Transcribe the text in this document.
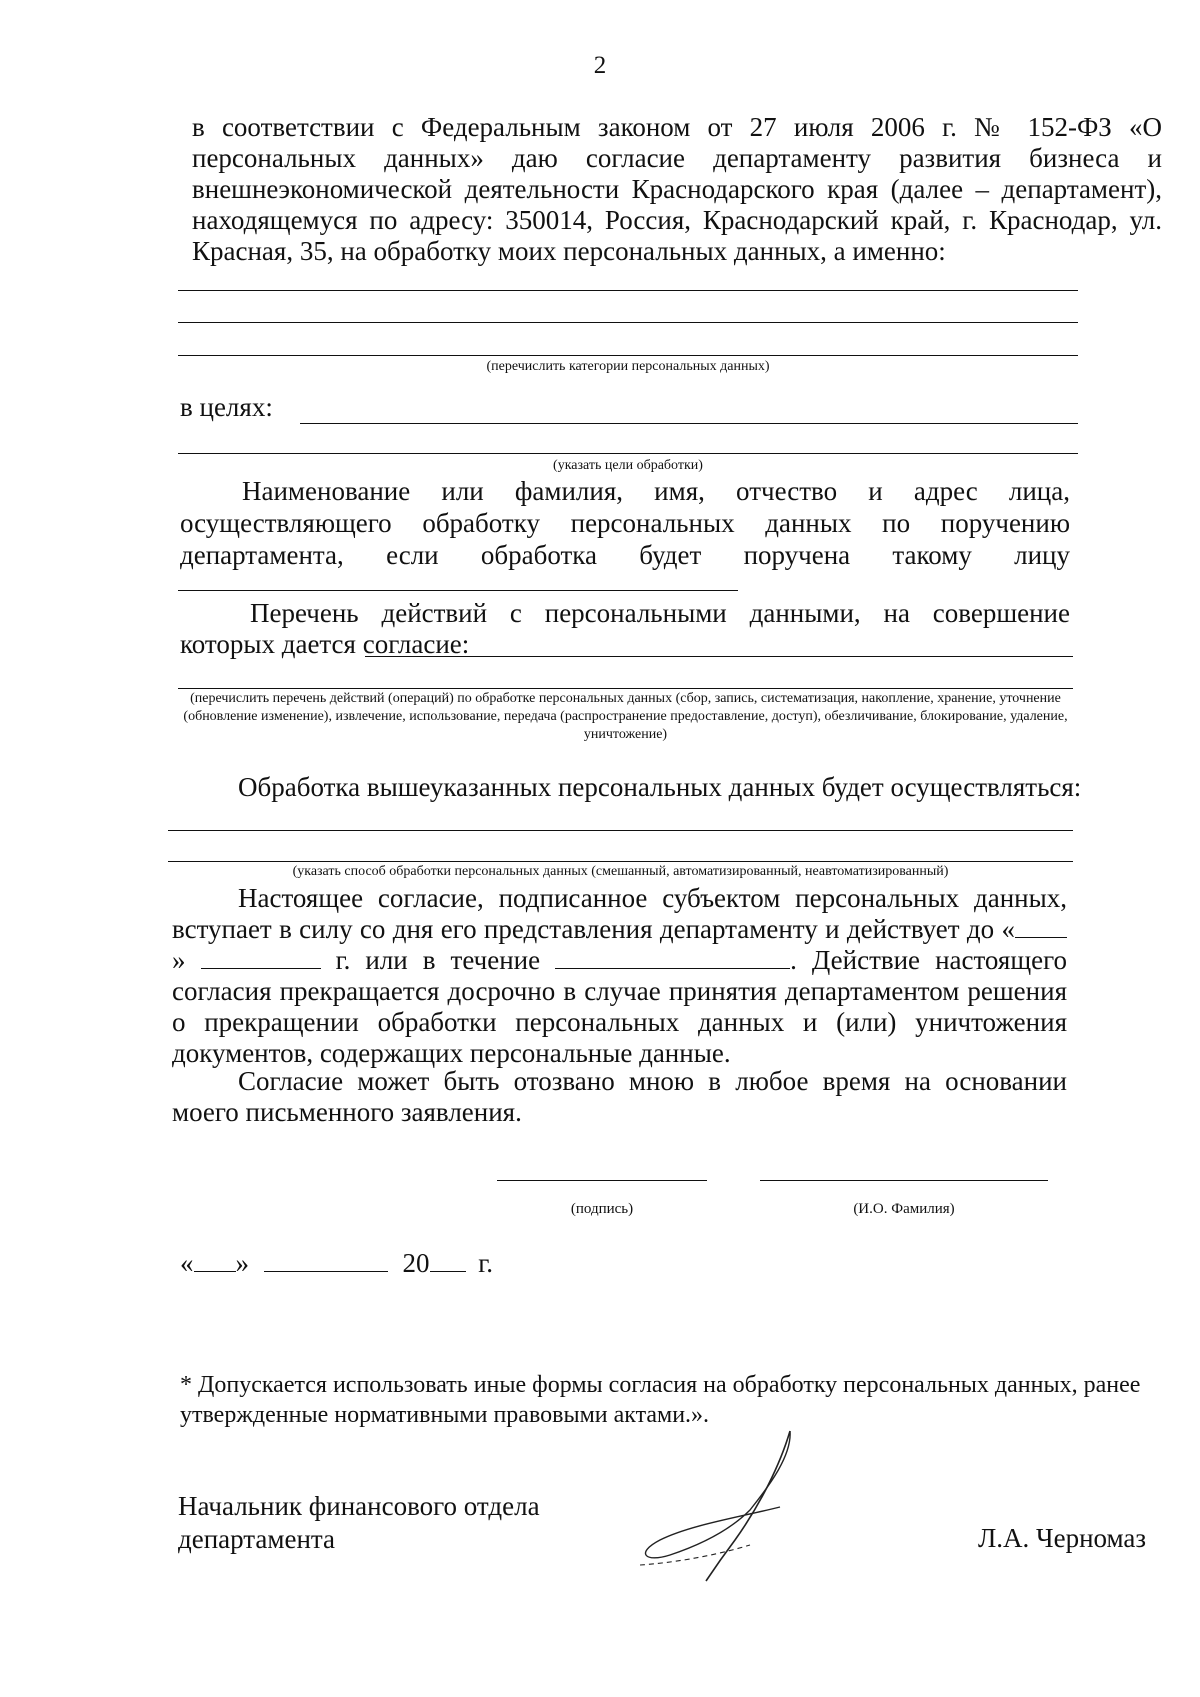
2
в соответствии с Федеральным законом от 27 июля 2006 г. № 152-ФЗ «О персональных данных» даю согласие департаменту развития бизнеса и внешнеэкономической деятельности Краснодарского края (далее – департамент), находящемуся по адресу: 350014, Россия, Краснодарский край, г. Краснодар, ул. Красная, 35, на обработку моих персональных данных, а именно:
(перечислить категории персональных данных)
в целях:
(указать цели обработки)
Наименование или фамилия, имя, отчество и адрес лица, осуществляющего обработку персональных данных по поручению департамента, если обработка будет поручена такому лицу
Перечень действий с персональными данными, на совершение которых дается согласие:
(перечислить перечень действий (операций) по обработке персональных данных (сбор, запись, систематизация, накопление, хранение, уточнение (обновление изменение), извлечение, использование, передача (распространение предоставление, доступ), обезличивание, блокирование, удаление, уничтожение)
Обработка вышеуказанных персональных данных будет осуществляться:
(указать способ обработки персональных данных (смешанный, автоматизированный, неавтоматизированный)
Настоящее согласие, подписанное субъектом персональных данных, вступает в силу со дня его представления департаменту и действует до «»	г. или в течение	. Действие настоящего согласия прекращается досрочно в случае принятия департаментом решения о прекращении обработки персональных данных и (или) уничтожения документов, содержащих персональные данные.
Согласие может быть отозвано мною в любое время на основании моего письменного заявления.
« »	20 г.
(подпись)	(И.О. Фамилия)
* Допускается использовать иные формы согласия на обработку персональных данных, ранее утвержденные нормативными правовыми актами.».
Начальник финансового отдела
департамента	Л.А. Черномаз
